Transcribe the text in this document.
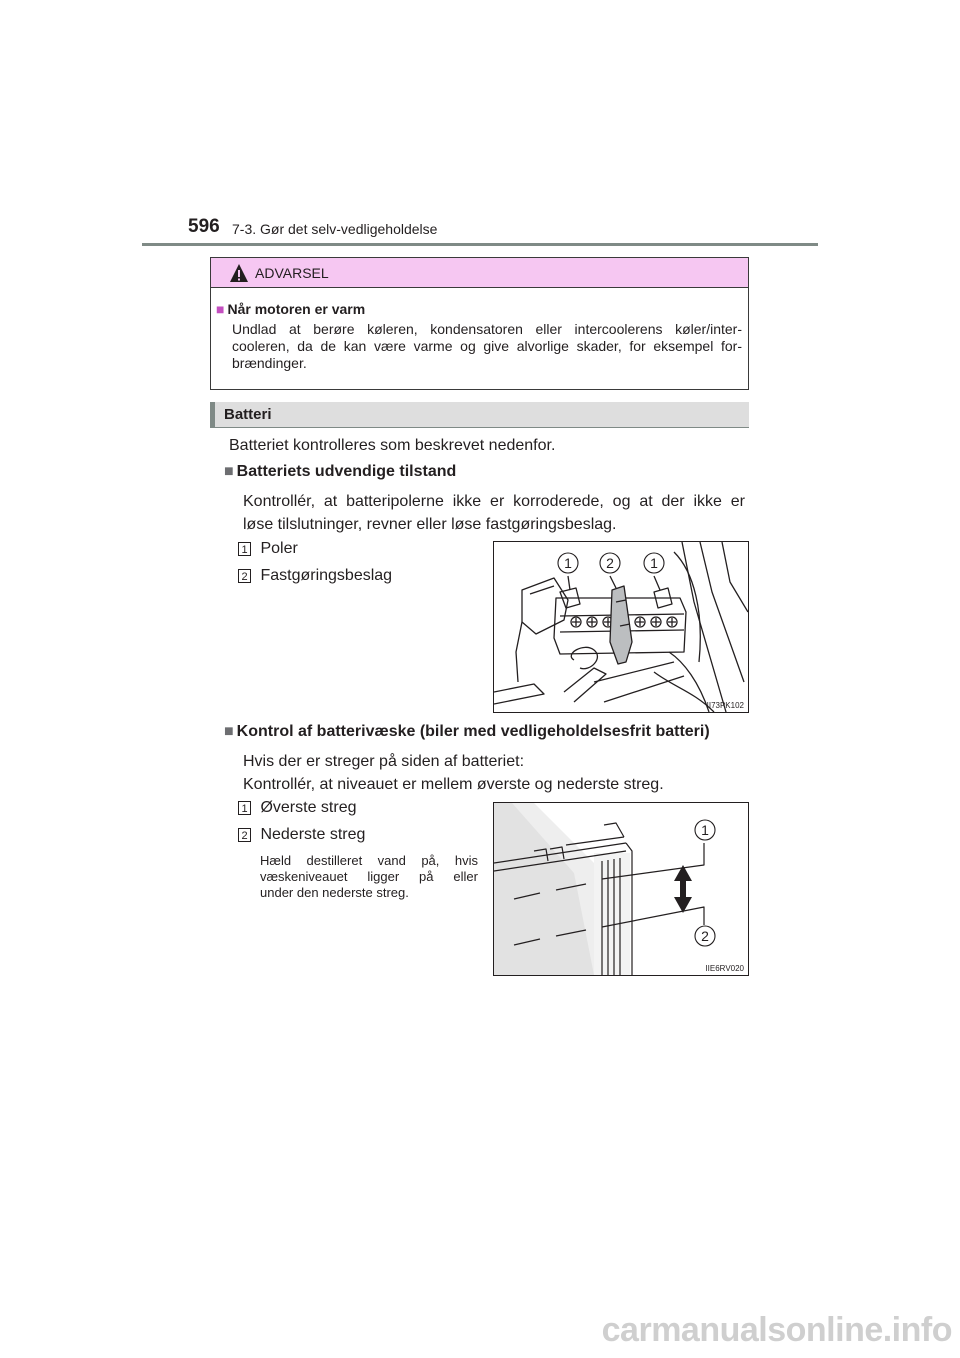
596 7-3. Gør det selv-vedligeholdelse
ADVARSEL
■ Når motoren er varm
Undlad at berøre køleren, kondensatoren eller intercoolerens køler/inter-
cooleren, da de kan være varme og give alvorlige skader, for eksempel for-
brændinger.
Batteri
Batteriet kontrolleres som beskrevet nedenfor.
■ Batteriets udvendige tilstand
Kontrollér, at batteripolerne ikke er korroderede, og at der ikke er
løse tilslutninger, revner eller løse fastgøringsbeslag.
1 Poler
2 Fastgøringsbeslag
1 2	1
II73PK102
■ Kontrol af batterivæske (biler med vedligeholdelsesfrit batteri)
Hvis der er streger på siden af batteriet:
Kontrollér, at niveauet er mellem øverste og nederste streg.
1 Øverste streg
2 Nederste streg
Hæld destilleret vand på, hvis
væskeniveauet ligger på eller
under den nederste streg.
1
2
IIE6RV020
carmanualsonline.info
